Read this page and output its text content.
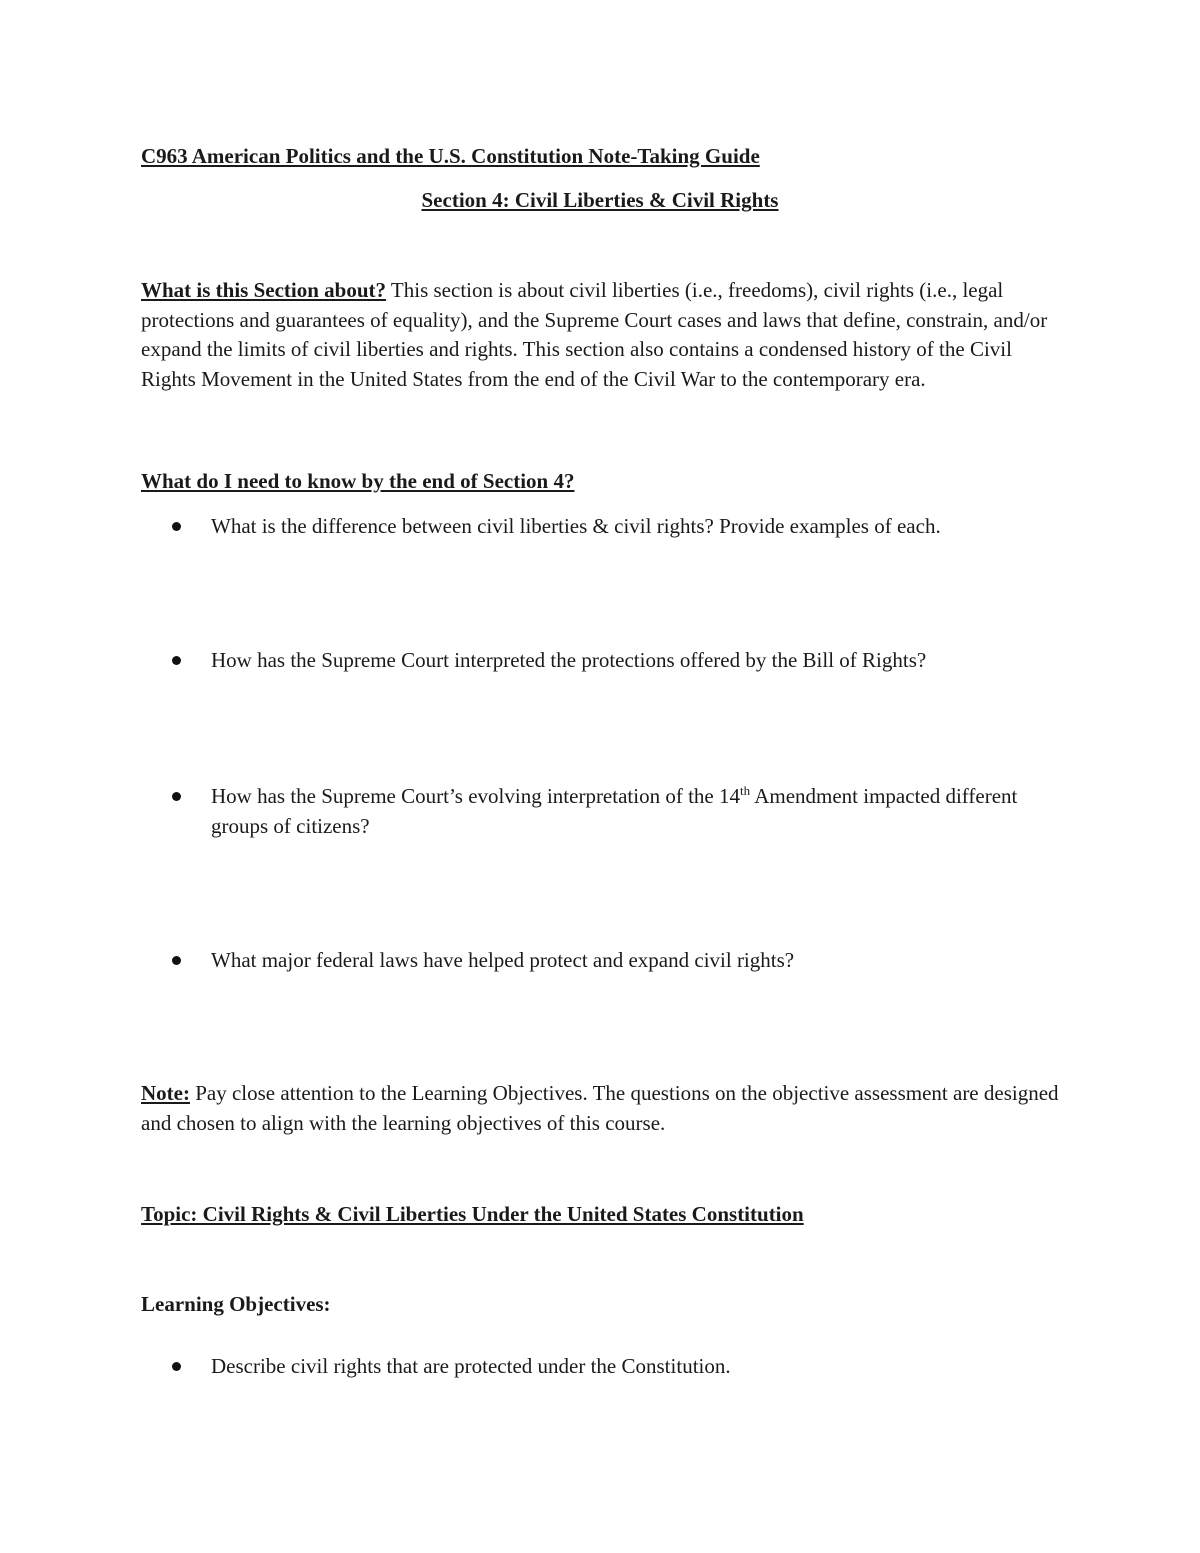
C963 American Politics and the U.S. Constitution Note-Taking Guide
Section 4: Civil Liberties & Civil Rights
What is this Section about? This section is about civil liberties (i.e., freedoms), civil rights (i.e., legal protections and guarantees of equality), and the Supreme Court cases and laws that define, constrain, and/or expand the limits of civil liberties and rights. This section also contains a condensed history of the Civil Rights Movement in the United States from the end of the Civil War to the contemporary era.
What do I need to know by the end of Section 4?
What is the difference between civil liberties & civil rights? Provide examples of each.
How has the Supreme Court interpreted the protections offered by the Bill of Rights?
How has the Supreme Court’s evolving interpretation of the 14th Amendment impacted different groups of citizens?
What major federal laws have helped protect and expand civil rights?
Note: Pay close attention to the Learning Objectives. The questions on the objective assessment are designed and chosen to align with the learning objectives of this course.
Topic: Civil Rights & Civil Liberties Under the United States Constitution
Learning Objectives:
Describe civil rights that are protected under the Constitution.
